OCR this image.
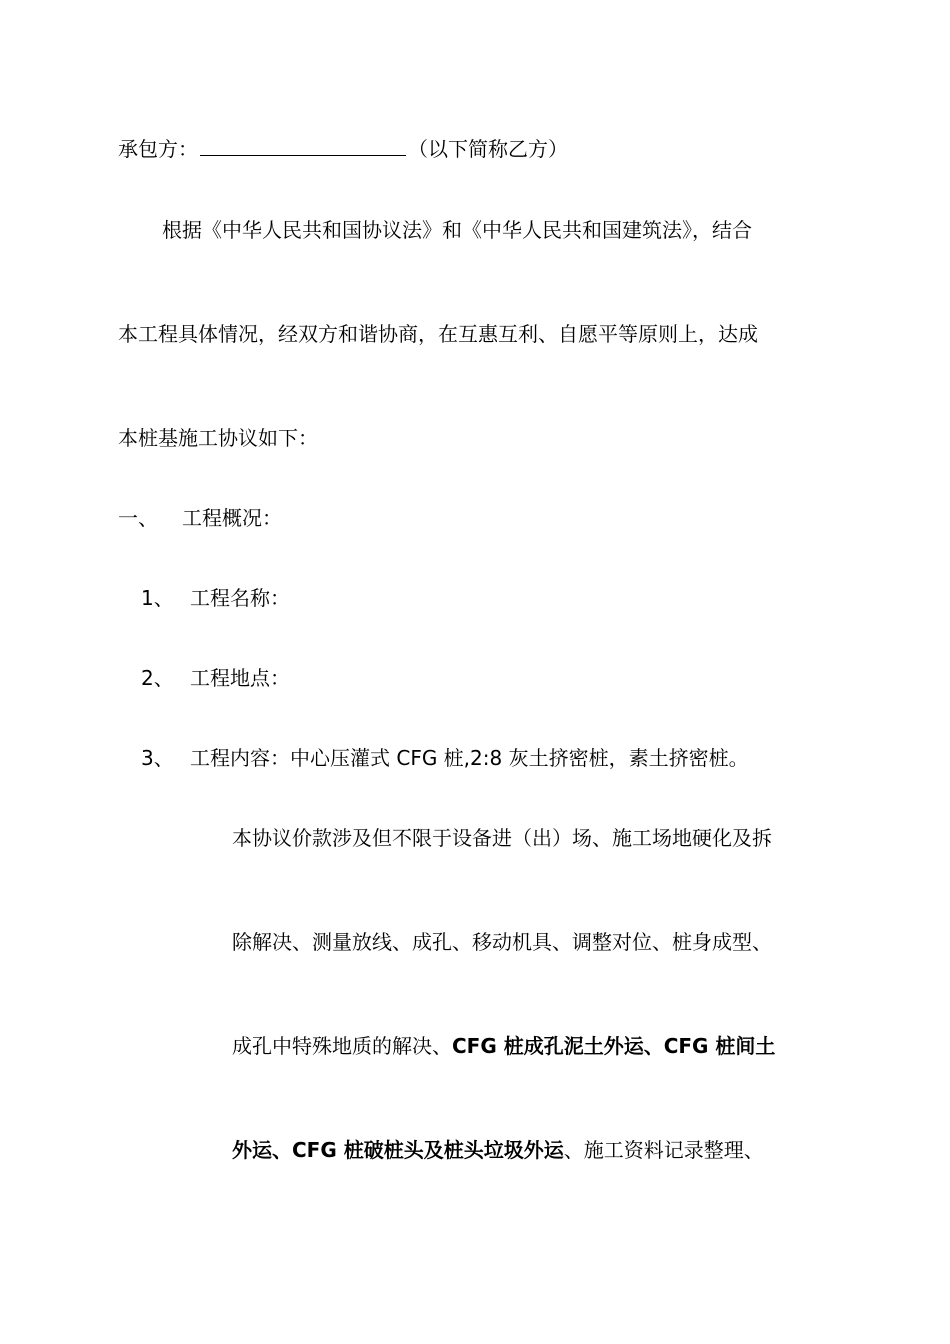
承包方：	（以下简称乙方）
根据《中华人民共和国协议法》和《中华人民共和国建筑法》，结合
本工程具体情况，经双方和谐协商，在互惠互利、自愿平等原则上，达成
本桩基施工协议如下：
一、 工程概况：
1、 工程名称：
2、 工程地点：
3、 工程内容：中心压灌式 CFG 桩,2:8 灰土挤密桩，素土挤密桩。
本协议价款涉及但不限于设备进（出）场、施工场地硬化及拆
除解决、测量放线、成孔、移动机具、调整对位、桩身成型、
成孔中特殊地质的解决、CFG 桩成孔泥土外运、CFG 桩间土
外运、CFG 桩破桩头及桩头垃圾外运、施工资料记录整理、
